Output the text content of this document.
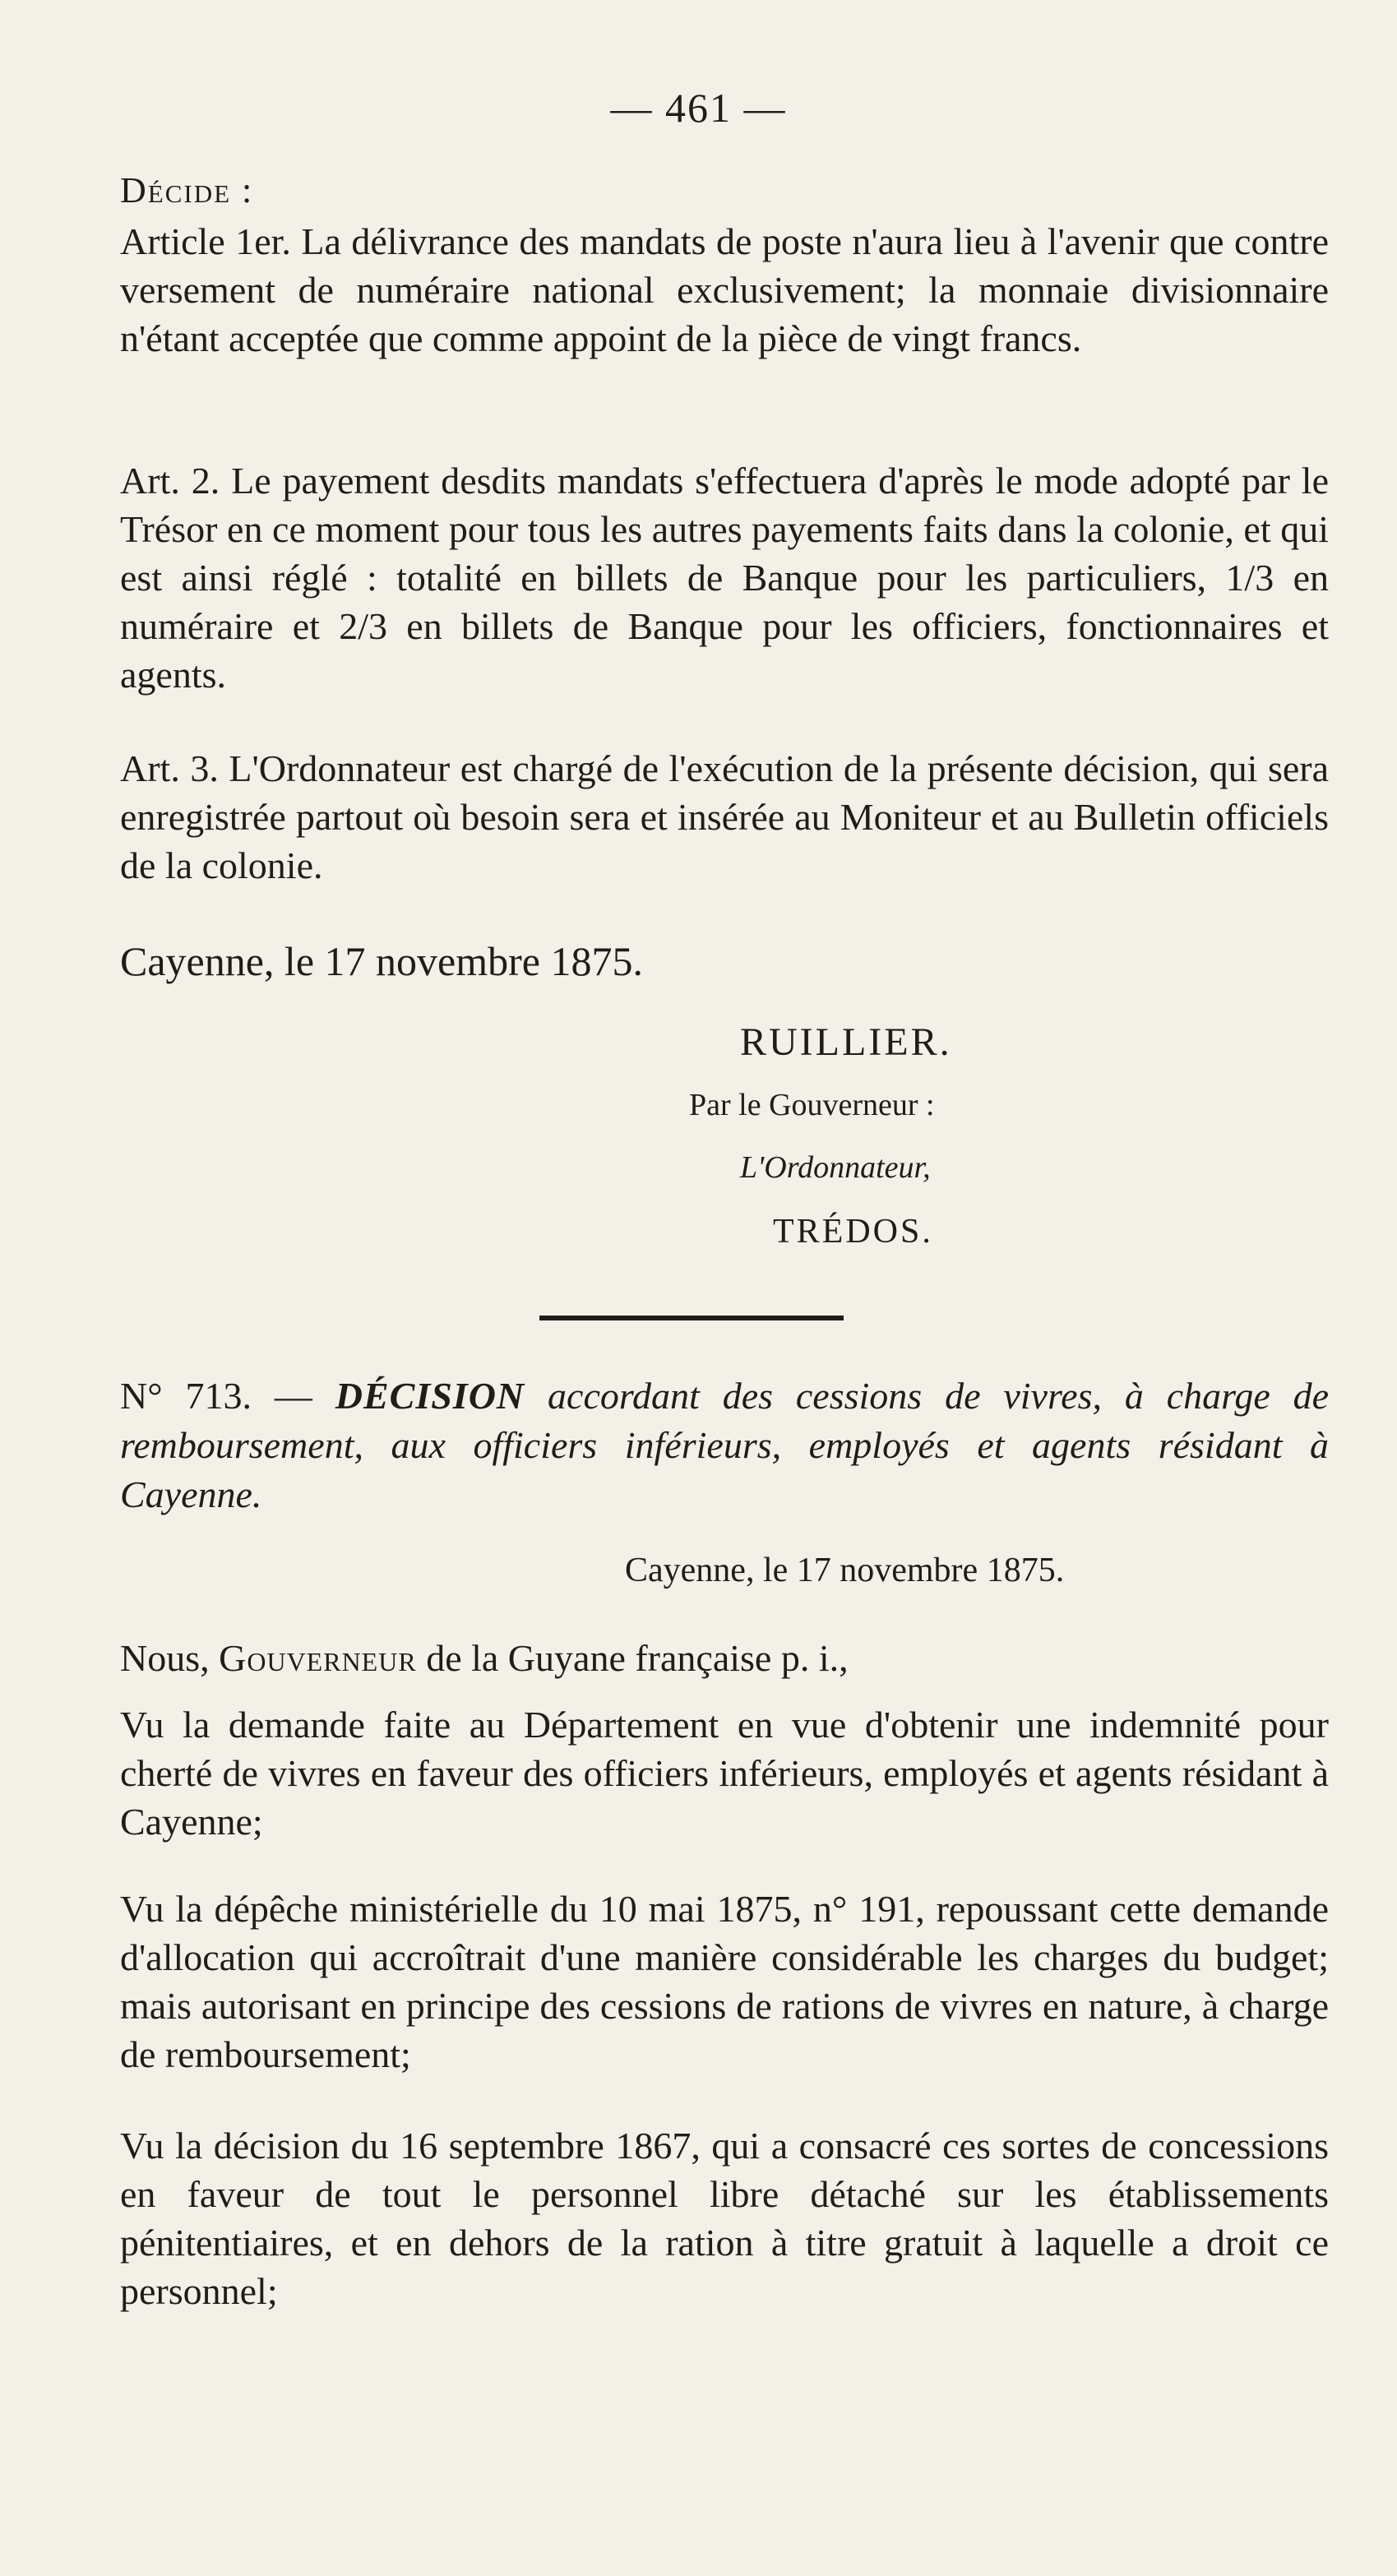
— 461 —

Décide :

Article 1er. La délivrance des mandats de poste n'aura lieu à l'avenir que contre versement de numéraire national exclusivement; la monnaie divisionnaire n'étant acceptée que comme appoint de la pièce de vingt francs.

Art. 2. Le payement desdits mandats s'effectuera d'après le mode adopté par le Trésor en ce moment pour tous les autres payements faits dans la colonie, et qui est ainsi réglé : totalité en billets de Banque pour les particuliers, 1/3 en numéraire et 2/3 en billets de Banque pour les officiers, fonctionnaires et agents.

Art. 3. L'Ordonnateur est chargé de l'exécution de la présente décision, qui sera enregistrée partout où besoin sera et insérée au Moniteur et au Bulletin officiels de la colonie.

Cayenne, le 17 novembre 1875.

RUILLIER.

Par le Gouverneur :

L'Ordonnateur,

TRÉDOS.

N° 713. — DÉCISION accordant des cessions de vivres, à charge de remboursement, aux officiers inférieurs, employés et agents résidant à Cayenne.

Cayenne, le 17 novembre 1875.

Nous, Gouverneur de la Guyane française p. i.,

Vu la demande faite au Département en vue d'obtenir une indemnité pour cherté de vivres en faveur des officiers inférieurs, employés et agents résidant à Cayenne;

Vu la dépêche ministérielle du 10 mai 1875, n° 191, repoussant cette demande d'allocation qui accroîtrait d'une manière considérable les charges du budget; mais autorisant en principe des cessions de rations de vivres en nature, à charge de remboursement;

Vu la décision du 16 septembre 1867, qui a consacré ces sortes de concessions en faveur de tout le personnel libre détaché sur les établissements pénitentiaires, et en dehors de la ration à titre gratuit à laquelle a droit ce personnel;
